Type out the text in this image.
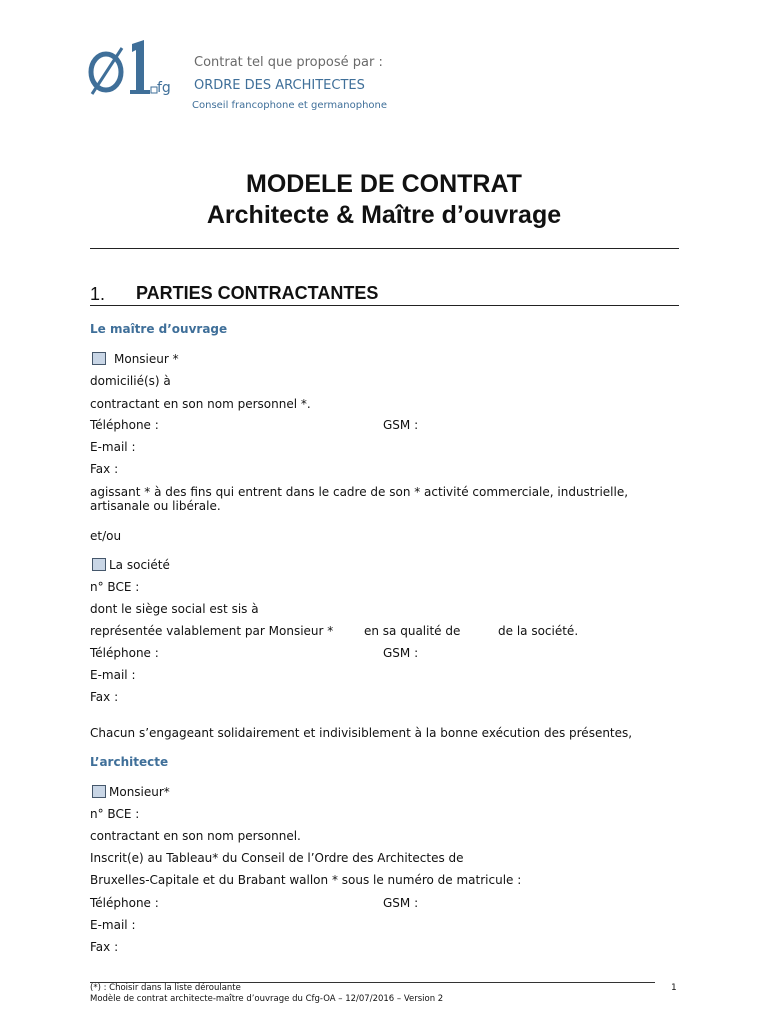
fg
Contrat tel que proposé par :
ORDRE DES ARCHITECTES
Conseil francophone et germanophone
MODELE DE CONTRAT
Architecte & Maître d’ouvrage
1. PARTIES CONTRACTANTES
Le maître d’ouvrage
Monsieur *
domicilié(s) à
contractant en son nom personnel *.
Téléphone :	GSM :
E-mail :
Fax :
agissant * à des fins qui entrent dans le cadre de son * activité commerciale, industrielle, artisanale ou libérale.
et/ou
La société
n° BCE :
dont le siège social est sis à
représentée valablement par Monsieur *	en sa qualité de	de la société.
Téléphone :	GSM :
E-mail :
Fax :
Chacun s’engageant solidairement et indivisiblement à la bonne exécution des présentes,
L’architecte
Monsieur*
n° BCE :
contractant en son nom personnel.
Inscrit(e) au Tableau* du Conseil de l’Ordre des Architectes de
Bruxelles-Capitale et du Brabant wallon * sous le numéro de matricule :
Téléphone :	GSM :
E-mail :
Fax :
(*) : Choisir dans la liste déroulante
Modèle de contrat architecte-maître d’ouvrage du Cfg-OA – 12/07/2016 – Version 2
1
